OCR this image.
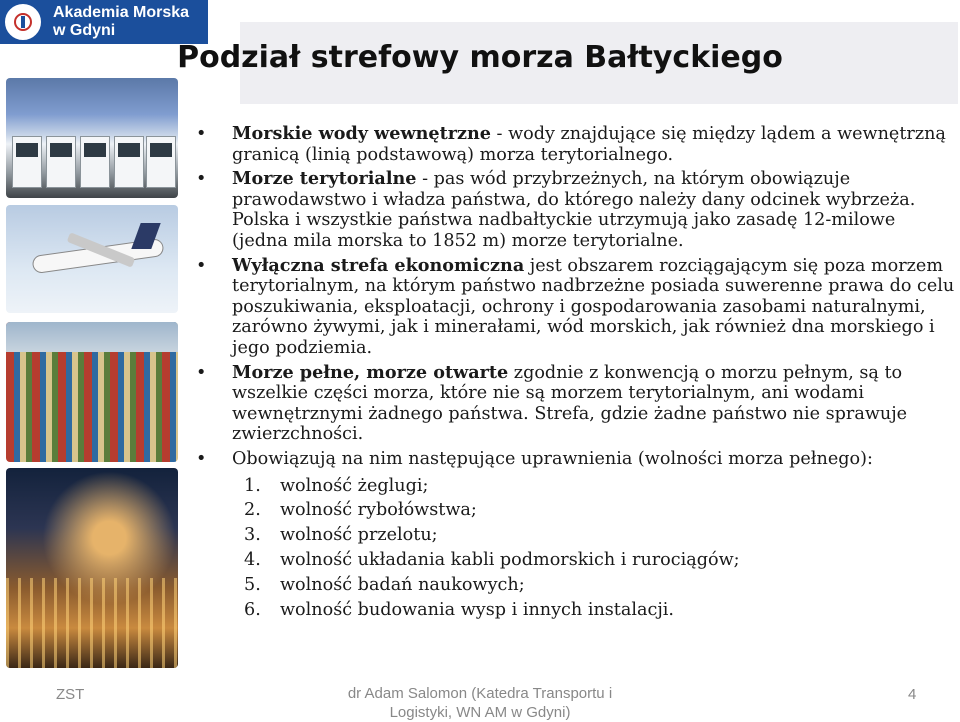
Akademia Morska
w Gdyni
Podział strefowy morza Bałtyckiego
• Morskie wody wewnętrzne - wody znajdujące się między lądem a wewnętrzną granicą (linią podstawową) morza terytorialnego.
• Morze terytorialne - pas wód przybrzeżnych, na którym obowiązuje prawodawstwo i władza państwa, do którego należy dany odcinek wybrzeża. Polska i wszystkie państwa nadbałtyckie utrzymują jako zasadę 12-milowe (jedna mila morska to 1852 m) morze terytorialne.
• Wyłączna strefa ekonomiczna jest obszarem rozciągającym się poza morzem terytorialnym, na którym państwo nadbrzeżne posiada suwerenne prawa do celu poszukiwania, eksploatacji, ochrony i gospodarowania zasobami naturalnymi, zarówno żywymi, jak i minerałami, wód morskich, jak również dna morskiego i jego podziemia.
• Morze pełne, morze otwarte zgodnie z konwencją o morzu pełnym, są to wszelkie części morza, które nie są morzem terytorialnym, ani wodami wewnętrznymi żadnego państwa. Strefa, gdzie żadne państwo nie sprawuje zwierzchności.
• Obowiązują na nim następujące uprawnienia (wolności morza pełnego):
1. wolność żeglugi;
2. wolność rybołówstwa;
3. wolność przelotu;
4. wolność układania kabli podmorskich i rurociągów;
5. wolność badań naukowych;
6. wolność budowania wysp i innych instalacji.
ZST	dr Adam Salomon (Katedra Transportu i
Logistyki, WN AM w Gdyni)
4
